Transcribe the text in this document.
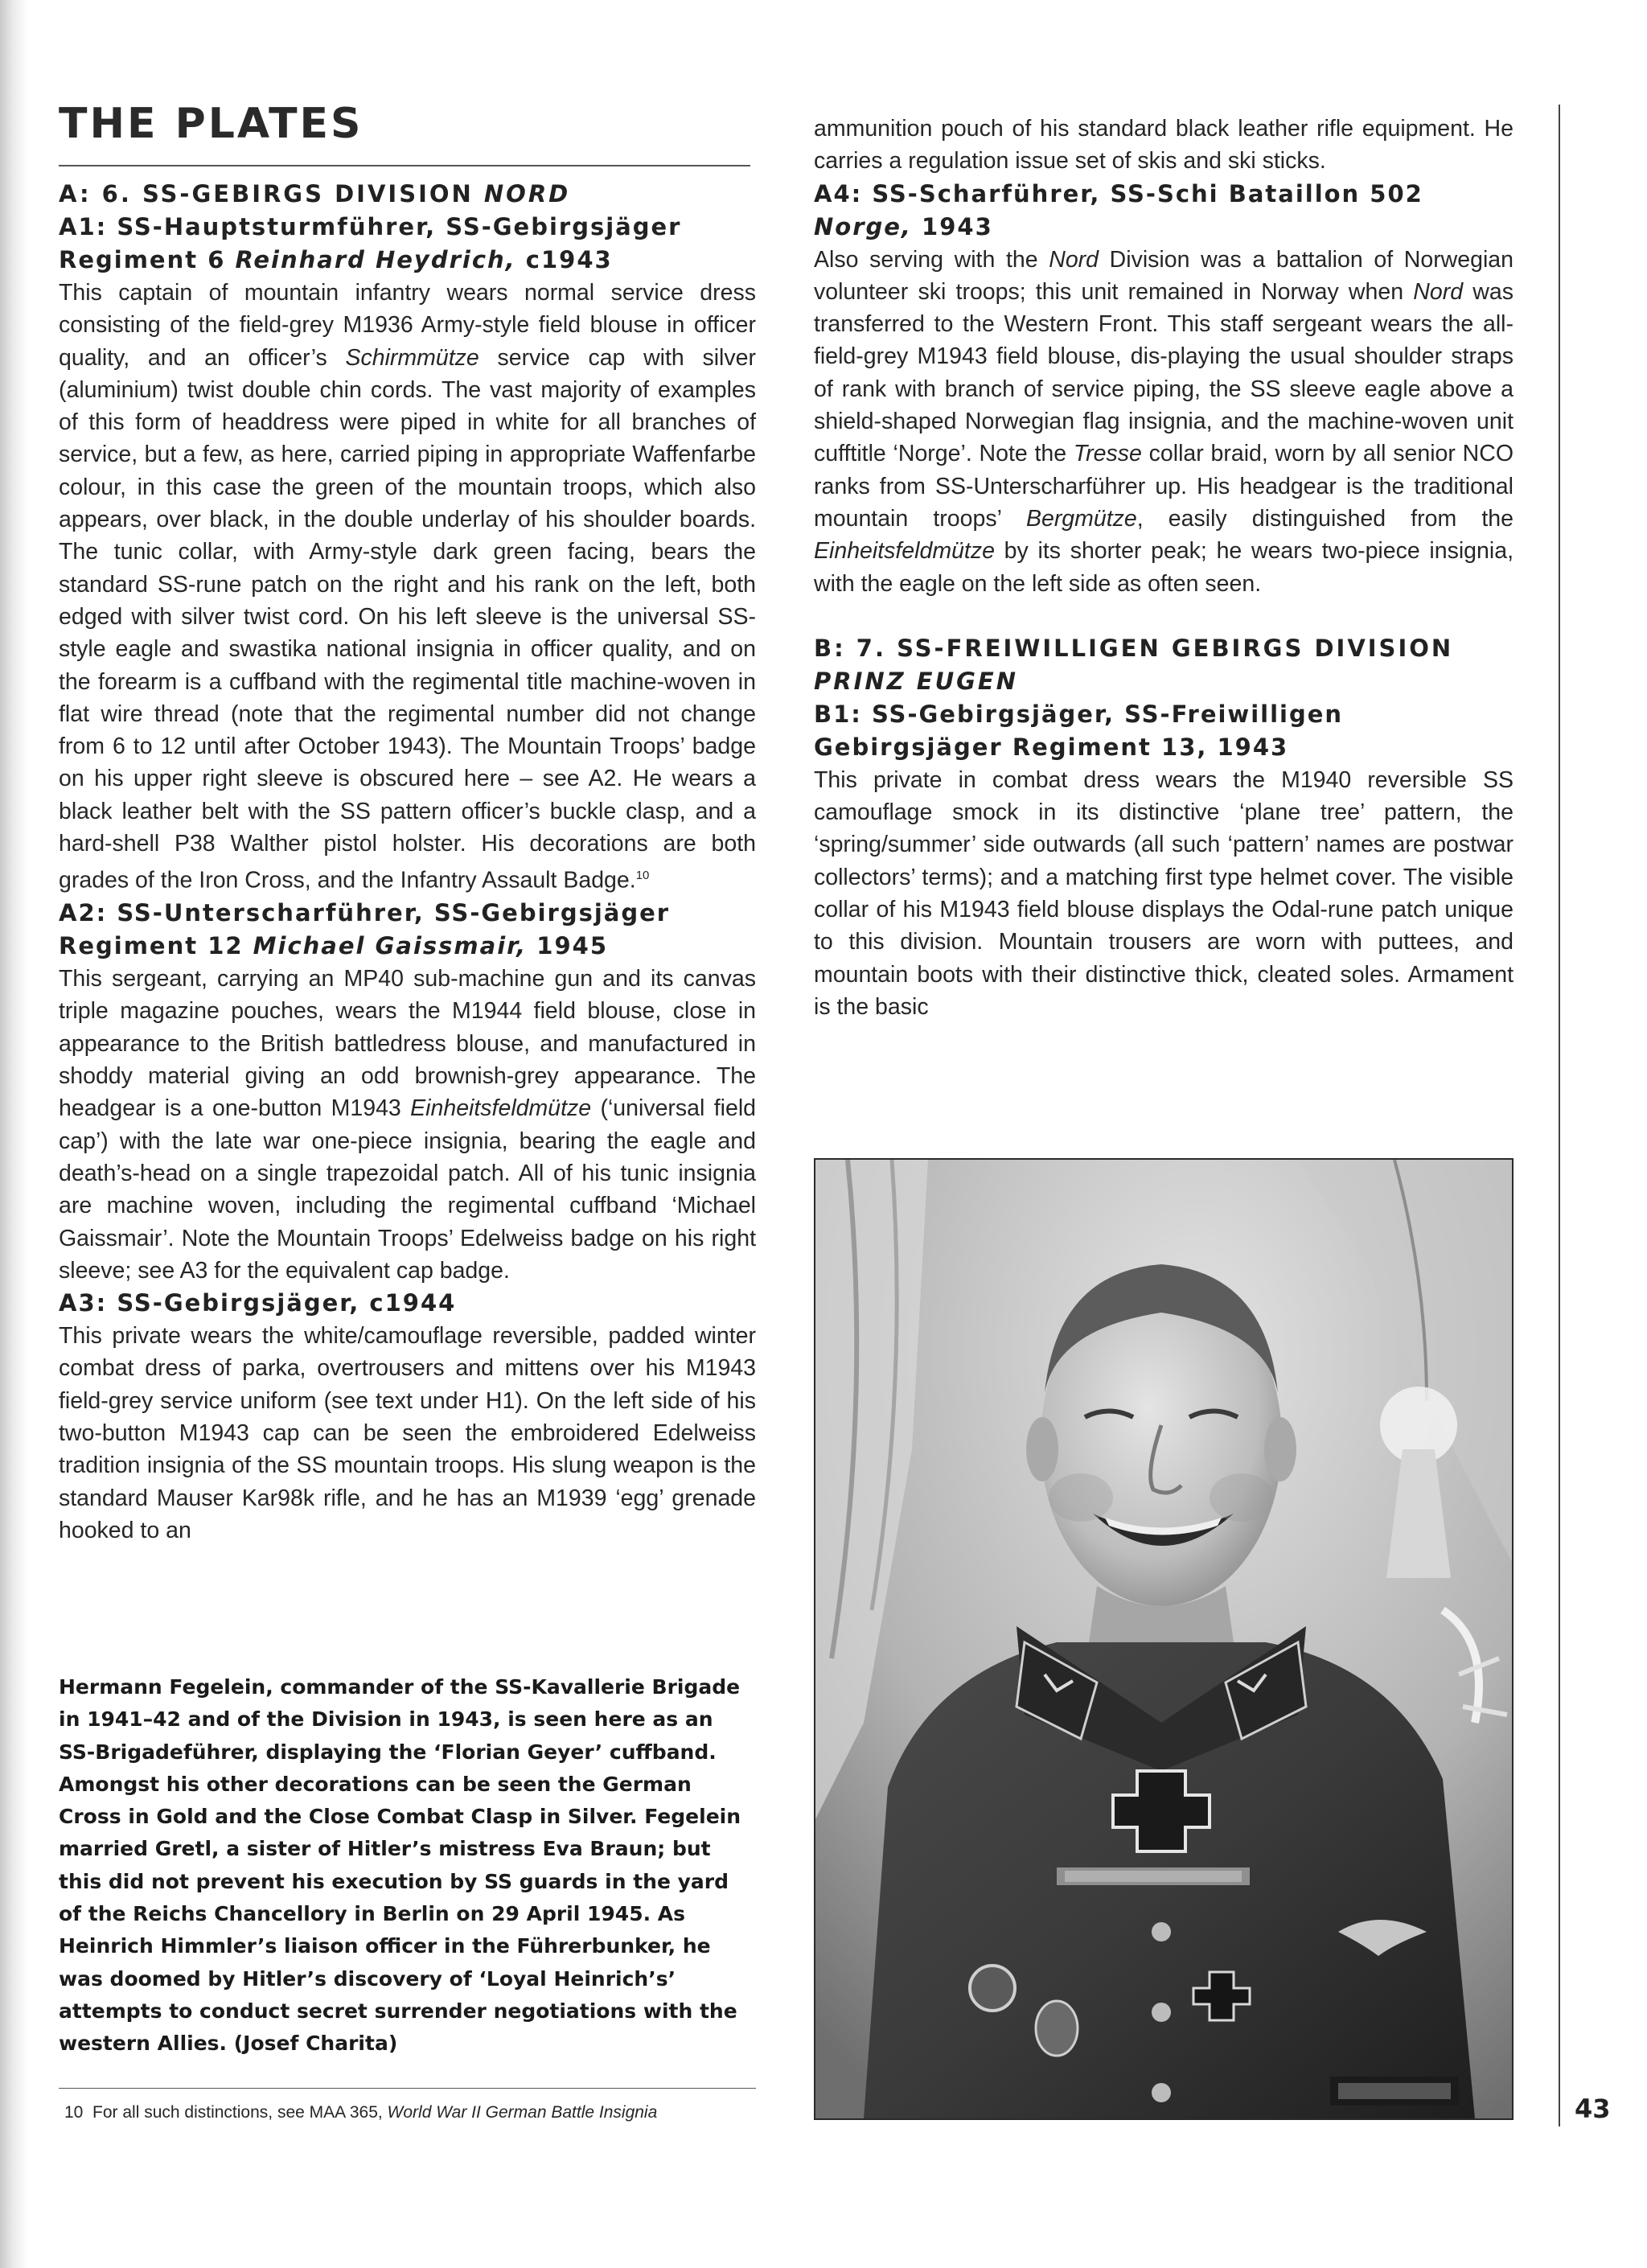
THE PLATES

A: 6. SS-GEBIRGS DIVISION NORD

A1: SS-Hauptsturmführer, SS-Gebirgsjäger

Regiment 6 Reinhard Heydrich, c1943

This captain of mountain infantry wears normal service dress consisting of the field-grey M1936 Army-style field blouse in officer quality, and an officer’s Schirmmütze service cap with silver (aluminium) twist double chin cords. The vast majority of examples of this form of headdress were piped in white for all branches of service, but a few, as here, carried piping in appropriate Waffenfarbe colour, in this case the green of the mountain troops, which also appears, over black, in the double underlay of his shoulder boards. The tunic collar, with Army-style dark green facing, bears the standard SS-rune patch on the right and his rank on the left, both edged with silver twist cord. On his left sleeve is the universal SS-style eagle and swastika national insignia in officer quality, and on the forearm is a cuffband with the regimental title machine-woven in flat wire thread (note that the regimental number did not change from 6 to 12 until after October 1943). The Mountain Troops’ badge on his upper right sleeve is obscured here – see A2. He wears a black leather belt with the SS pattern officer’s buckle clasp, and a hard-shell P38 Walther pistol holster. His decorations are both grades of the Iron Cross, and the Infantry Assault Badge.$^{10}$

A2: SS-Unterscharführer, SS-Gebirgsjäger

Regiment 12 Michael Gaissmair, 1945

This sergeant, carrying an MP40 sub-machine gun and its canvas triple magazine pouches, wears the M1944 field blouse, close in appearance to the British battledress blouse, and manufactured in shoddy material giving an odd brownish-grey appearance. The headgear is a one-button M1943 Einheitsfeldmütze (‘universal field cap’) with the late war one-piece insignia, bearing the eagle and death’s-head on a single trapezoidal patch. All of his tunic insignia are machine woven, including the regimental cuffband ‘Michael Gaissmair’. Note the Mountain Troops’ Edelweiss badge on his right sleeve; see A3 for the equivalent cap badge.

A3: SS-Gebirgsjäger, c1944

This private wears the white/camouflage reversible, padded winter combat dress of parka, overtrousers and mittens over his M1943 field-grey service uniform (see text under H1). On the left side of his two-button M1943 cap can be seen the embroidered Edelweiss tradition insignia of the SS mountain troops. His slung weapon is the standard Mauser Kar98k rifle, and he has an M1939 ‘egg’ grenade hooked to an

Hermann Fegelein, commander of the SS-Kavallerie Brigade in 1941–42 and of the Division in 1943, is seen here as an SS-Brigadeführer, displaying the ‘Florian Geyer’ cuffband. Amongst his other decorations can be seen the German Cross in Gold and the Close Combat Clasp in Silver. Fegelein married Gretl, a sister of Hitler’s mistress Eva Braun; but this did not prevent his execution by SS guards in the yard of the Reichs Chancellory in Berlin on 29 April 1945. As Heinrich Himmler’s liaison officer in the Führerbunker, he was doomed by Hitler’s discovery of ‘Loyal Heinrich’s’ attempts to conduct secret surrender negotiations with the western Allies. (Josef Charita)

10 For all such distinctions, see MAA 365, World War II German Battle Insignia

ammunition pouch of his standard black leather rifle equipment. He carries a regulation issue set of skis and ski sticks.

A4: SS-Scharführer, SS-Schi Bataillon 502

Norge, 1943

Also serving with the Nord Division was a battalion of Norwegian volunteer ski troops; this unit remained in Norway when Nord was transferred to the Western Front. This staff sergeant wears the all-field-grey M1943 field blouse, dis-playing the usual shoulder straps of rank with branch of service piping, the SS sleeve eagle above a shield-shaped Norwegian flag insignia, and the machine-woven unit cufftitle ‘Norge’. Note the Tresse collar braid, worn by all senior NCO ranks from SS-Unterscharführer up. His headgear is the traditional mountain troops’ Bergmütze, easily distinguished from the Einheitsfeldmütze by its shorter peak; he wears two-piece insignia, with the eagle on the left side as often seen.

B: 7. SS-FREIWILLIGEN GEBIRGS DIVISION

PRINZ EUGEN

B1: SS-Gebirgsjäger, SS-Freiwilligen

Gebirgsjäger Regiment 13, 1943

This private in combat dress wears the M1940 reversible SS camouflage smock in its distinctive ‘plane tree’ pattern, the ‘spring/summer’ side outwards (all such ‘pattern’ names are postwar collectors’ terms); and a matching first type helmet cover. The visible collar of his M1943 field blouse displays the Odal-rune patch unique to this division. Mountain trousers are worn with puttees, and mountain boots with their distinctive thick, cleated soles. Armament is the basic

43
